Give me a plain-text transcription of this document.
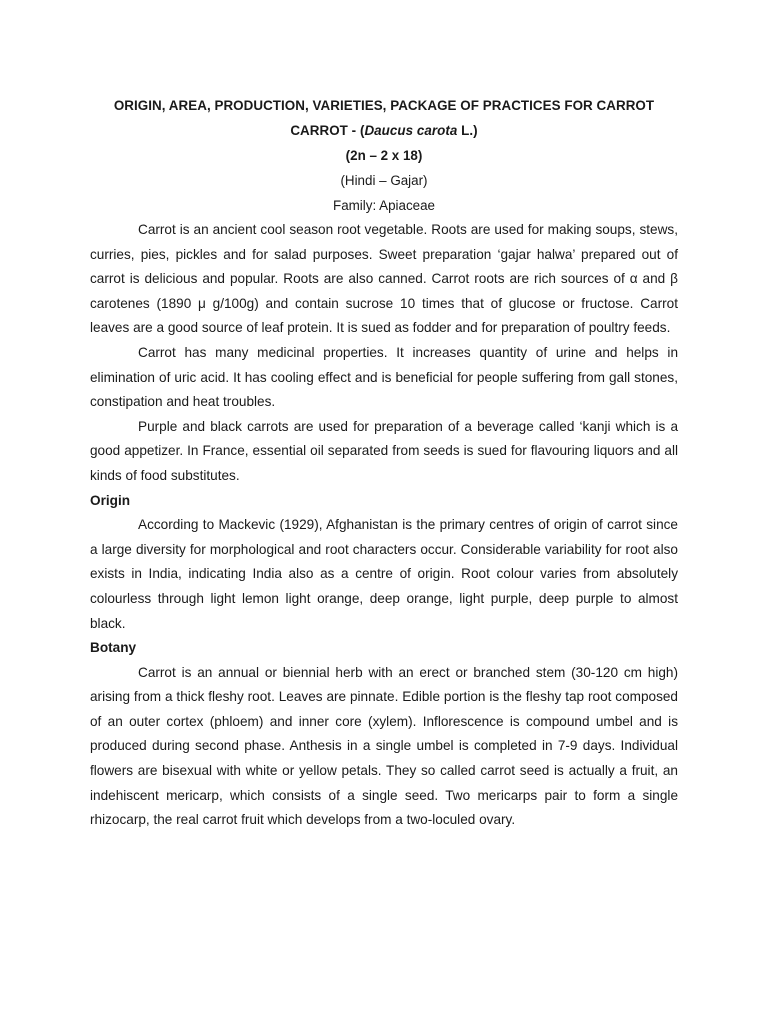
ORIGIN, AREA, PRODUCTION, VARIETIES, PACKAGE OF PRACTICES FOR CARROT
CARROT - (Daucus carota L.)
(2n – 2 x 18)
(Hindi – Gajar)
Family: Apiaceae

Carrot is an ancient cool season root vegetable. Roots are used for making soups, stews, curries, pies, pickles and for salad purposes. Sweet preparation ‘gajar halwa’ prepared out of carrot is delicious and popular. Roots are also canned. Carrot roots are rich sources of α and β carotenes (1890 μ g/100g) and contain sucrose 10 times that of glucose or fructose. Carrot leaves are a good source of leaf protein. It is sued as fodder and for preparation of poultry feeds.

Carrot has many medicinal properties. It increases quantity of urine and helps in elimination of uric acid. It has cooling effect and is beneficial for people suffering from gall stones, constipation and heat troubles.

Purple and black carrots are used for preparation of a beverage called ‘kanji which is a good appetizer. In France, essential oil separated from seeds is sued for flavouring liquors and all kinds of food substitutes.

Origin

According to Mackevic (1929), Afghanistan is the primary centres of origin of carrot since a large diversity for morphological and root characters occur. Considerable variability for root also exists in India, indicating India also as a centre of origin. Root colour varies from absolutely colourless through light lemon light orange, deep orange, light purple, deep purple to almost black.

Botany

Carrot is an annual or biennial herb with an erect or branched stem (30-120 cm high) arising from a thick fleshy root. Leaves are pinnate. Edible portion is the fleshy tap root composed of an outer cortex (phloem) and inner core (xylem). Inflorescence is compound umbel and is produced during second phase. Anthesis in a single umbel is completed in 7-9 days. Individual flowers are bisexual with white or yellow petals. They so called carrot seed is actually a fruit, an indehiscent mericarp, which consists of a single seed. Two mericarps pair to form a single rhizocarp, the real carrot fruit which develops from a two-loculed ovary.
